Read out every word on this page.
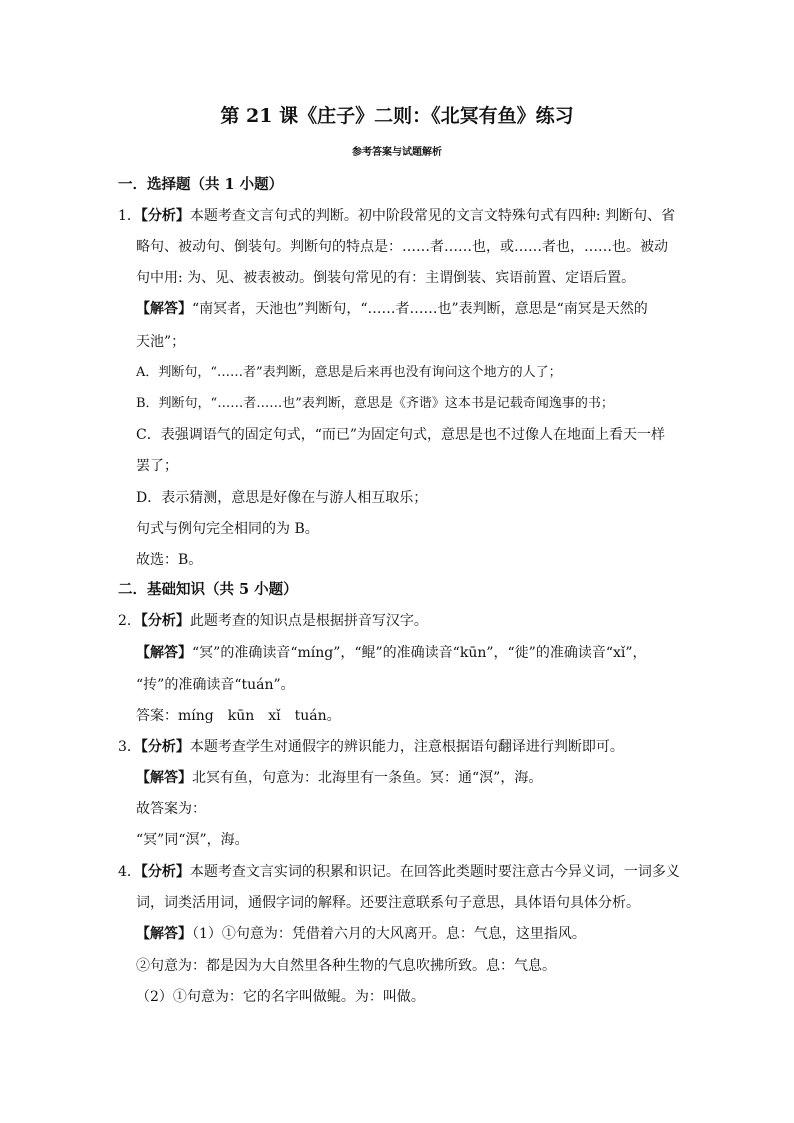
第 21 课《庄子》二则：《北冥有鱼》练习
参考答案与试题解析
一．选择题（共 1 小题）
1．【分析】本题考查文言句式的判断。初中阶段常见的文言文特殊句式有四种: 判断句、省
略句、被动句、倒装句。判断句的特点是：……者……也，或……者也，……也。被动
句中用: 为、见、被表被动。倒装句常见的有：主谓倒装、宾语前置、定语后置。
【解答】“南冥者，天池也”判断句，“……者……也”表判断，意思是“南冥是天然的
天池”；
A．判断句，“……者”表判断，意思是后来再也没有询问这个地方的人了；
B．判断句，“……者……也”表判断，意思是《齐谐》这本书是记载奇闻逸事的书；
C．表强调语气的固定句式，“而已”为固定句式，意思是也不过像人在地面上看天一样
罢了；
D．表示猜测，意思是好像在与游人相互取乐；
句式与例句完全相同的为 B。
故选：B。
二．基础知识（共 5 小题）
2．【分析】此题考查的知识点是根据拼音写汉字。
【解答】“冥”的准确读音“míng”，“鲲”的准确读音“kūn”，“徙”的准确读音“xǐ”，
“抟”的准确读音“tuán”。
答案：míng　kūn　xǐ　tuán。
3．【分析】本题考查学生对通假字的辨识能力，注意根据语句翻译进行判断即可。
【解答】北冥有鱼，句意为：北海里有一条鱼。冥：通“溟”，海。
故答案为：
“冥”同“溟”，海。
4．【分析】本题考查文言实词的积累和识记。在回答此类题时要注意古今异义词，一词多义
词，词类活用词，通假字词的解释。还要注意联系句子意思，具体语句具体分析。
【解答】（1）①句意为：凭借着六月的大风离开。息：气息，这里指风。
②句意为：都是因为大自然里各种生物的气息吹拂所致。息：气息。
（2）①句意为：它的名字叫做鲲。为：叫做。
